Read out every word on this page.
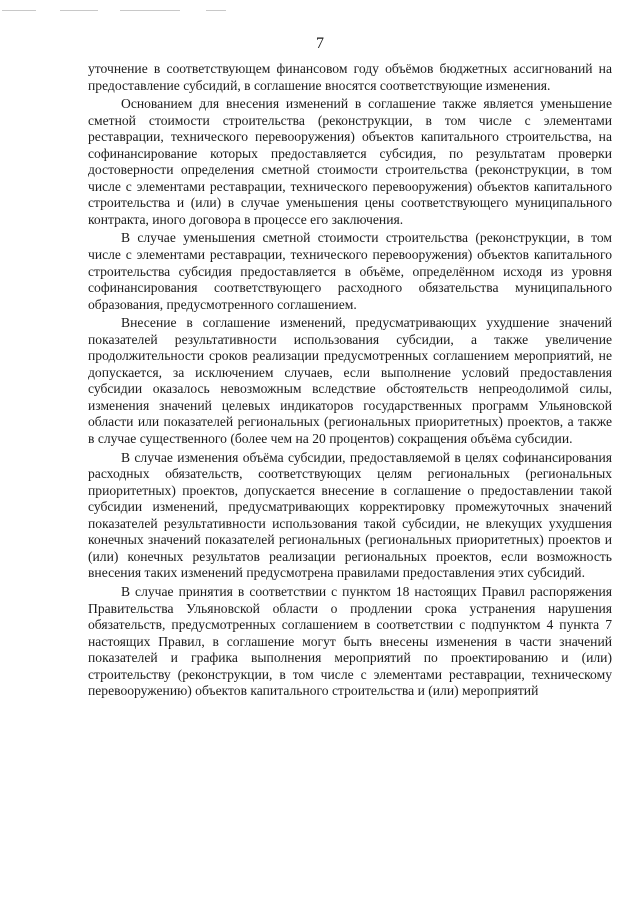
7

уточнение в соответствующем финансовом году объёмов бюджетных ассигнований на предоставление субсидий, в соглашение вносятся соответствующие изменения.

Основанием для внесения изменений в соглашение также является уменьшение сметной стоимости строительства (реконструкции, в том числе с элементами реставрации, технического перевооружения) объектов капитального строительства, на софинансирование которых предоставляется субсидия, по результатам проверки достоверности определения сметной стоимости строительства (реконструкции, в том числе с элементами реставрации, технического перевооружения) объектов капитального строительства и (или) в случае уменьшения цены соответствующего муниципального контракта, иного договора в процессе его заключения.

В случае уменьшения сметной стоимости строительства (реконструкции, в том числе с элементами реставрации, технического перевооружения) объектов капитального строительства субсидия предоставляется в объёме, определённом исходя из уровня софинансирования соответствующего расходного обязательства муниципального образования, предусмотренного соглашением.

Внесение в соглашение изменений, предусматривающих ухудшение значений показателей результативности использования субсидии, а также увеличение продолжительности сроков реализации предусмотренных соглашением мероприятий, не допускается, за исключением случаев, если выполнение условий предоставления субсидии оказалось невозможным вследствие обстоятельств непреодолимой силы, изменения значений целевых индикаторов государственных программ Ульяновской области или показателей региональных (региональных приоритетных) проектов, а также в случае существенного (более чем на 20 процентов) сокращения объёма субсидии.

В случае изменения объёма субсидии, предоставляемой в целях софинансирования расходных обязательств, соответствующих целям региональных (региональных приоритетных) проектов, допускается внесение в соглашение о предоставлении такой субсидии изменений, предусматривающих корректировку промежуточных значений показателей результативности использования такой субсидии, не влекущих ухудшения конечных значений показателей региональных (региональных приоритетных) проектов и (или) конечных результатов реализации региональных проектов, если возможность внесения таких изменений предусмотрена правилами предоставления этих субсидий.

В случае принятия в соответствии с пунктом 18 настоящих Правил распоряжения Правительства Ульяновской области о продлении срока устранения нарушения обязательств, предусмотренных соглашением в соответствии с подпунктом 4 пункта 7 настоящих Правил, в соглашение могут быть внесены изменения в части значений показателей и графика выполнения мероприятий по проектированию и (или) строительству (реконструкции, в том числе с элементами реставрации, техническому перевооружению) объектов капитального строительства и (или) мероприятий
